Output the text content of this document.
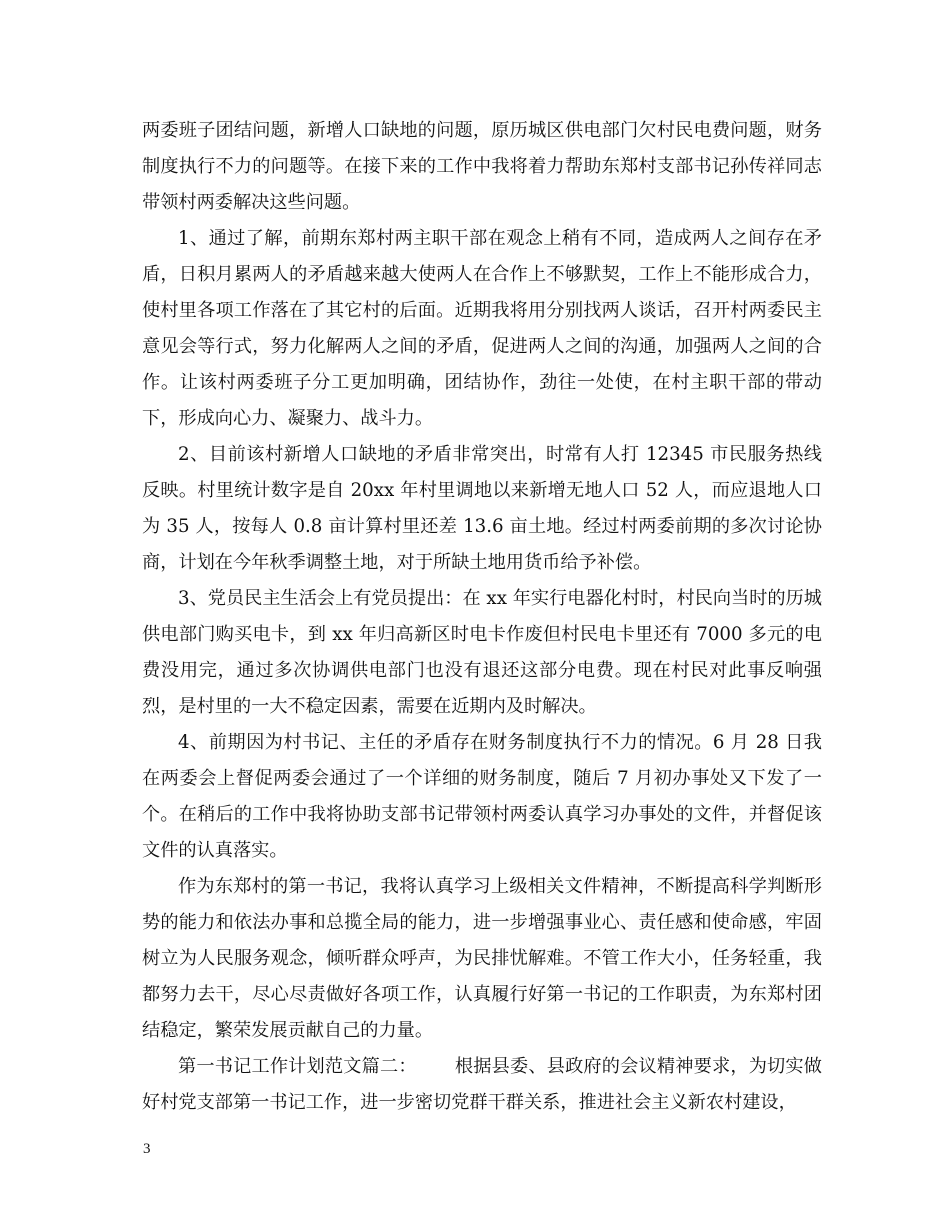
两委班子团结问题，新增人口缺地的问题，原历城区供电部门欠村民电费问题，财务制度执行不力的问题等。在接下来的工作中我将着力帮助东郑村支部书记孙传祥同志带领村两委解决这些问题。

1、通过了解，前期东郑村两主职干部在观念上稍有不同，造成两人之间存在矛盾，日积月累两人的矛盾越来越大使两人在合作上不够默契，工作上不能形成合力，使村里各项工作落在了其它村的后面。近期我将用分别找两人谈话，召开村两委民主意见会等行式，努力化解两人之间的矛盾，促进两人之间的沟通，加强两人之间的合作。让该村两委班子分工更加明确，团结协作，劲往一处使，在村主职干部的带动下，形成向心力、凝聚力、战斗力。

2、目前该村新增人口缺地的矛盾非常突出，时常有人打 12345 市民服务热线反映。村里统计数字是自 20xx 年村里调地以来新增无地人口 52 人，而应退地人口为 35 人，按每人 0.8 亩计算村里还差 13.6 亩土地。经过村两委前期的多次讨论协商，计划在今年秋季调整土地，对于所缺土地用货币给予补偿。

3、党员民主生活会上有党员提出：在 xx 年实行电器化村时，村民向当时的历城供电部门购买电卡，到 xx 年归高新区时电卡作废但村民电卡里还有 7000 多元的电费没用完，通过多次协调供电部门也没有退还这部分电费。现在村民对此事反响强烈，是村里的一大不稳定因素，需要在近期内及时解决。

4、前期因为村书记、主任的矛盾存在财务制度执行不力的情况。6 月 28 日我在两委会上督促两委会通过了一个详细的财务制度，随后 7 月初办事处又下发了一个。在稍后的工作中我将协助支部书记带领村两委认真学习办事处的文件，并督促该文件的认真落实。

作为东郑村的第一书记，我将认真学习上级相关文件精神，不断提高科学判断形势的能力和依法办事和总揽全局的能力，进一步增强事业心、责任感和使命感，牢固树立为人民服务观念，倾听群众呼声，为民排忧解难。不管工作大小，任务轻重，我都努力去干，尽心尽责做好各项工作，认真履行好第一书记的工作职责，为东郑村团结稳定，繁荣发展贡献自己的力量。

第一书记工作计划范文篇二： 根据县委、县政府的会议精神要求，为切实做好村党支部第一书记工作，进一步密切党群干群关系，推进社会主义新农村建设，

3
